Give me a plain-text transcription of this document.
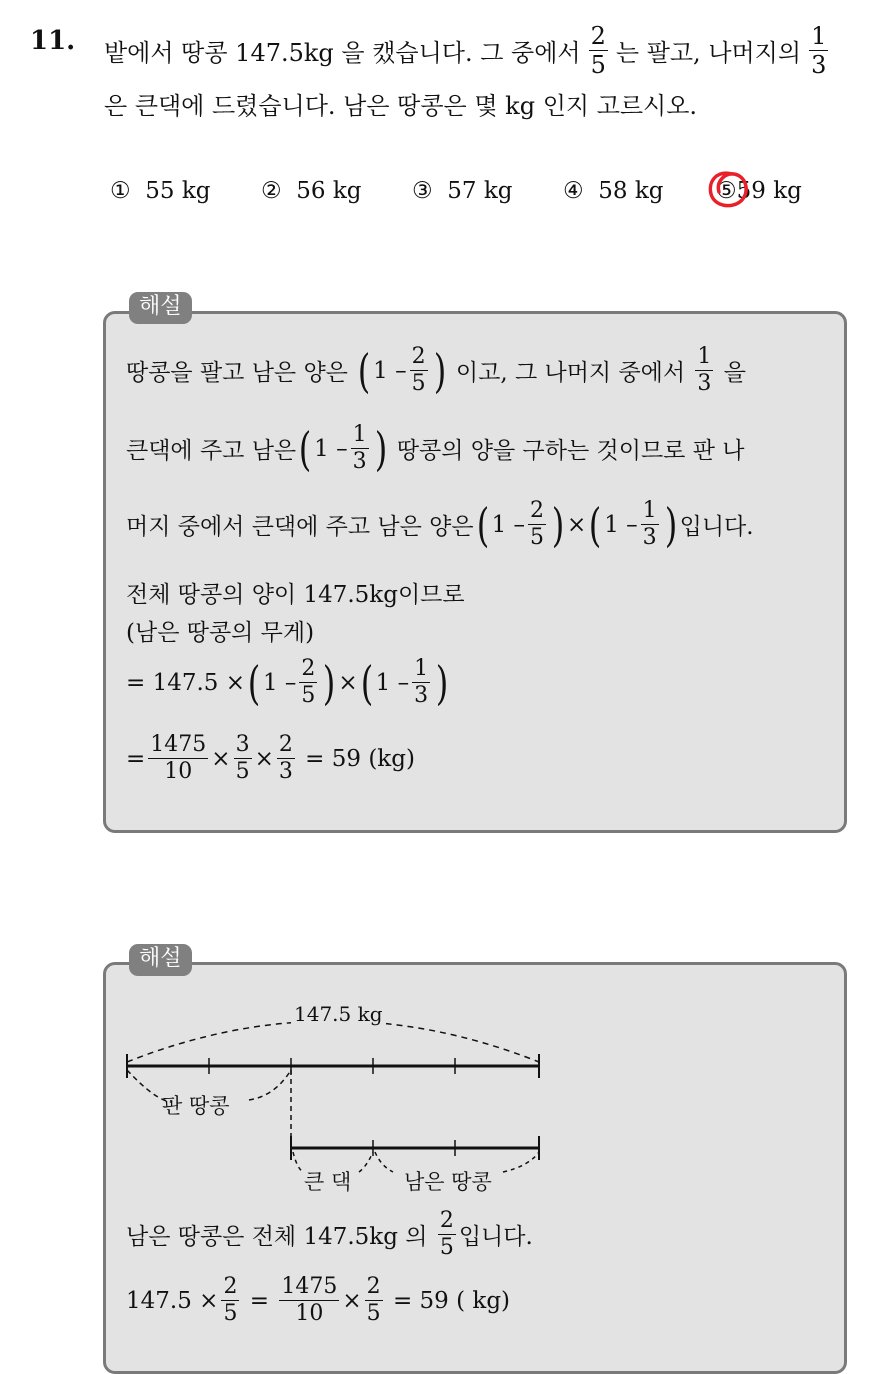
11. 밭에서 땅콩 147.5kg 을 캤습니다. 그 중에서 $\frac{2}{5}$ 는 팔고, 나머지의 $\frac{1}{3}$
은 큰댁에 드렸습니다. 남은 땅콩은 몇 kg 인지 고르시오.
① 55 kg ② 56 kg ③ 57 kg ④ 58 kg ⑤59 kg
해설
땅콩을 팔고 남은 양은
( 1
– $\frac{2}{5}$ )
이고, 그 나머지 중에서
$\frac{1}{3}$
을
큰댁에 주고 남은 ( 1
– $\frac{1}{3}$ )
땅콩의 양을 구하는 것이므로 판 나
머지 중에서 큰댁에 주고 남은 양은 ( 1
– $\frac{2}{5}$ ) × ( 1
– $\frac{1}{3}$ ) 입니다.
전체 땅콩의 양이 147.5kg이므로
(남은 땅콩의 무게)
= 147.5 × ( 1
– $\frac{2}{5}$ ) × ( 1
– $\frac{1}{3}$ )
= $\frac{1475}{10} \times \frac{3}{5} \times \frac{2}{3}$
= 59 (kg)
해설
147.5 kg
판 땅콩
큰 댁	남은 땅콩
남은 땅콩은 전체 147.5kg 의
$\frac{2}{5}$ 입니다.
$147.5 \times \frac{2}{5}$
=
$\frac{1475}{10} \times \frac{2}{5}$
= 59 ( kg)
